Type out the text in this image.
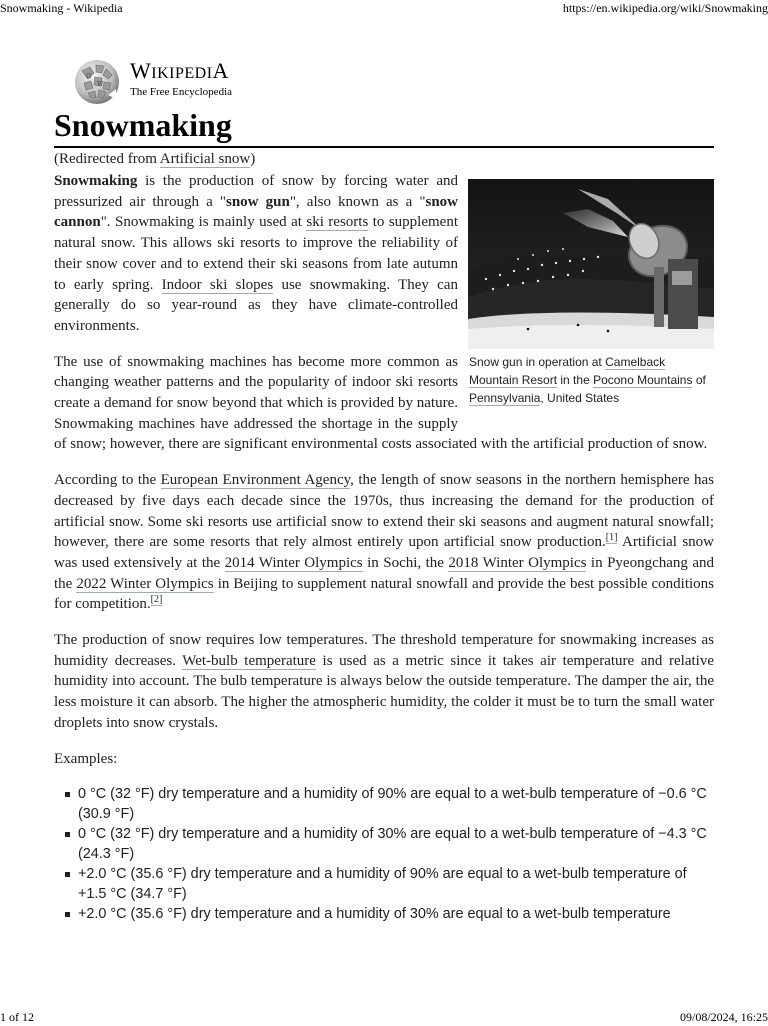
Snowmaking - Wikipedia	https://en.wikipedia.org/wiki/Snowmaking
Ω
W
WIKIPEDIA
The Free Encyclopedia
Snowmaking
(Redirected from Artificial snow)
Snow gun in operation at Camelback Mountain Resort in the Pocono Mountains of Pennsylvania, United States

Snowmaking is the production of snow by forcing water and pressurized air through a "snow gun", also known as a "snow cannon". Snowmaking is mainly used at ski resorts to supplement natural snow. This allows ski resorts to improve the reliability of their snow cover and to extend their ski seasons from late autumn to early spring. Indoor ski slopes use snowmaking. They can generally do so year-round as they have climate-controlled environments.

The use of snowmaking machines has become more common as changing weather patterns and the popularity of indoor ski resorts create a demand for snow beyond that which is provided by nature. Snowmaking machines have addressed the shortage in the supply of snow; however, there are significant environmental costs associated with the artificial production of snow.

According to the European Environment Agency, the length of snow seasons in the northern hemisphere has decreased by five days each decade since the 1970s, thus increasing the demand for the production of artificial snow. Some ski resorts use artificial snow to extend their ski seasons and augment natural snowfall; however, there are some resorts that rely almost entirely upon artificial snow production.[1] Artificial snow was used extensively at the 2014 Winter Olympics in Sochi, the 2018 Winter Olympics in Pyeongchang and the 2022 Winter Olympics in Beijing to supplement natural snowfall and provide the best possible conditions for competition.[2]

The production of snow requires low temperatures. The threshold temperature for snowmaking increases as humidity decreases. Wet-bulb temperature is used as a metric since it takes air temperature and relative humidity into account. The bulb temperature is always below the outside temperature. The damper the air, the less moisture it can absorb. The higher the atmospheric humidity, the colder it must be to turn the small water droplets into snow crystals.

Examples:

0 °C (32 °F) dry temperature and a humidity of 90% are equal to a wet-bulb temperature of −0.6 °C (30.9 °F)
0 °C (32 °F) dry temperature and a humidity of 30% are equal to a wet-bulb temperature of −4.3 °C (24.3 °F)
+2.0 °C (35.6 °F) dry temperature and a humidity of 90% are equal to a wet-bulb temperature of +1.5 °C (34.7 °F)
+2.0 °C (35.6 °F) dry temperature and a humidity of 30% are equal to a wet-bulb temperature
1 of 12	09/08/2024, 16:25
